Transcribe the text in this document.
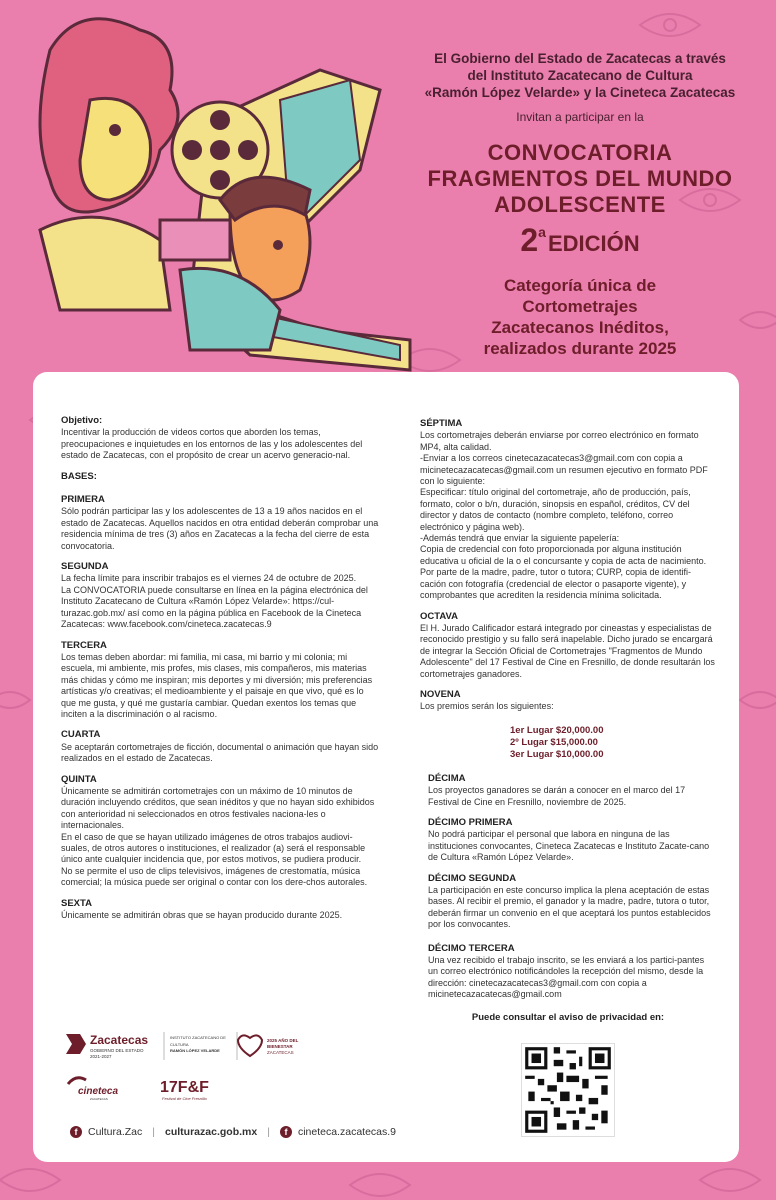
El Gobierno del Estado de Zacatecas a través
del Instituto Zacatecano de Cultura
«Ramón López Velarde» y la Cineteca Zacatecas
Invitan a participar en la
CONVOCATORIA
FRAGMENTOS DEL MUNDO
ADOLESCENTE
2$^a$EDICIÓN
Categoría única de
Cortometrajes
Zacatecanos Inéditos,
realizados durante 2025
Objetivo:
Incentivar la producción de videos cortos que aborden los temas, preocupaciones e inquietudes en los entornos de las y los adolescentes del estado de Zacatecas, con el propósito de crear un acervo generacio-nal.
BASES:
PRIMERA
Sólo podrán participar las y los adolescentes de 13 a 19 años nacidos en el estado de Zacatecas. Aquellos nacidos en otra entidad deberán comprobar una residencia mínima de tres (3) años en Zacatecas a la fecha del cierre de esta convocatoria.
SEGUNDA
La fecha límite para inscribir trabajos es el viernes 24 de octubre de 2025.
La CONVOCATORIA puede consultarse en línea en la página electrónica del Instituto Zacatecano de Cultura «Ramón López Velarde»: https://cul-turazac.gob.mx/ así como en la página pública en Facebook de la Cineteca Zacatecas: www.facebook.com/cineteca.zacatecas.9
TERCERA
Los temas deben abordar: mi familia, mi casa, mi barrio y mi colonia; mi escuela, mi ambiente, mis profes, mis clases, mis compañeros, mis materias más chidas y cómo me inspiran; mis deportes y mi diversión; mis preferencias artísticas y/o creativas; el medioambiente y el paisaje en que vivo, qué es lo que me gusta, y qué me gustaría cambiar. Quedan exentos los temas que inciten a la discriminación o al racismo.
CUARTA
Se aceptarán cortometrajes de ficción, documental o animación que hayan sido realizados en el estado de Zacatecas.
QUINTA
Únicamente se admitirán cortometrajes con un máximo de 10 minutos de duración incluyendo créditos, que sean inéditos y que no hayan sido exhibidos con anterioridad ni seleccionados en otros festivales naciona-les o internacionales.
En el caso de que se hayan utilizado imágenes de otros trabajos audiovi-suales, de otros autores o instituciones, el realizador (a) será el responsable único ante cualquier incidencia que, por estos motivos, se pudiera producir.
No se permite el uso de clips televisivos, imágenes de crestomatía, música comercial; la música puede ser original o contar con los dere-chos autorales.
SEXTA
Únicamente se admitirán obras que se hayan producido durante 2025.
SÉPTIMA
Los cortometrajes deberán enviarse por correo electrónico en formato MP4, alta calidad.
-Enviar a los correos cinetecazacatecas3@gmail.com con copia a micinetecazacatecas@gmail.com un resumen ejecutivo en formato PDF con lo siguiente:
Especificar: título original del cortometraje, año de producción, país, formato, color o b/n, duración, sinopsis en español, créditos, CV del director y datos de contacto (nombre completo, teléfono, correo electrónico y página web).
-Además tendrá que enviar la siguiente papelería:
Copia de credencial con foto proporcionada por alguna institución educativa u oficial de la o el concursante y copia de acta de nacimiento. Por parte de la madre, padre, tutor o tutora; CURP, copia de identifi-cación con fotografía (credencial de elector o pasaporte vigente), y comprobantes que acrediten la residencia mínima solicitada.
OCTAVA
El H. Jurado Calificador estará integrado por cineastas y especialistas de reconocido prestigio y su fallo será inapelable. Dicho jurado se encargará de integrar la Sección Oficial de Cortometrajes "Fragmentos de Mundo Adolescente" del 17 Festival de Cine en Fresnillo, de donde resultarán los cortometrajes ganadores.
NOVENA
Los premios serán los siguientes:
1er Lugar $20,000.00
2º Lugar $15,000.00
3er Lugar $10,000.00
DÉCIMA
Los proyectos ganadores se darán a conocer en el marco del 17 Festival de Cine en Fresnillo, noviembre de 2025.
DÉCIMO PRIMERA
No podrá participar el personal que labora en ninguna de las instituciones convocantes, Cineteca Zacatecas e Instituto Zacate-cano de Cultura «Ramón López Velarde».
DÉCIMO SEGUNDA
La participación en este concurso implica la plena aceptación de estas bases. Al recibir el premio, el ganador y la madre, padre, tutora o tutor, deberán firmar un convenio en el que aceptará los puntos establecidos por los convocantes.
DÉCIMO TERCERA
Una vez recibido el trabajo inscrito, se les enviará a los partici-pantes un correo electrónico notificándoles la recepción del mismo, desde la dirección: cinetecazacatecas3@gmail.com con copia a micinetecazacatecas@gmail.com
Puede consultar el aviso de privacidad en:
Zacatecas
GOBIERNO DEL ESTADO
2021-2027
INSTITUTO ZACATECANO DE
CULTURA
RAMÓN LÓPEZ VELARDE
2025 AÑO DEL
BIENESTAR
ZACATECAS
cineteca
ZACATECAS
17F&F
Festival de Cine Fresnillo
f	Cultura.Zac | culturazac.gob.mx |	f	cineteca.zacatecas.9
